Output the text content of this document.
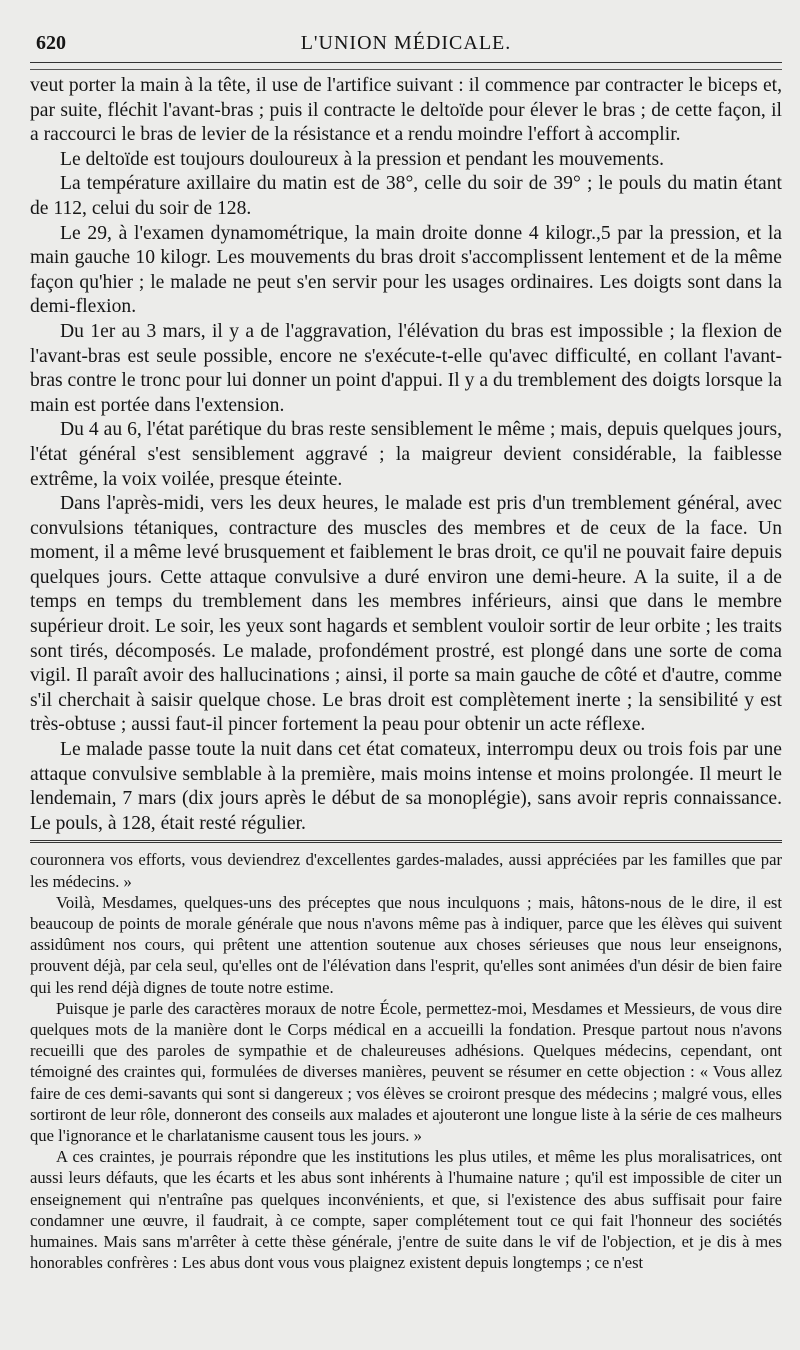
620	L'UNION MÉDICALE.

veut porter la main à la tête, il use de l'artifice suivant : il commence par contracter le biceps et, par suite, fléchit l'avant-bras ; puis il contracte le deltoïde pour élever le bras ; de cette façon, il a raccourci le bras de levier de la résistance et a rendu moindre l'effort à accomplir.

Le deltoïde est toujours douloureux à la pression et pendant les mouvements.

La température axillaire du matin est de 38°, celle du soir de 39° ; le pouls du matin étant de 112, celui du soir de 128.

Le 29, à l'examen dynamométrique, la main droite donne 4 kilogr.,5 par la pression, et la main gauche 10 kilogr. Les mouvements du bras droit s'accomplissent lentement et de la même façon qu'hier ; le malade ne peut s'en servir pour les usages ordinaires. Les doigts sont dans la demi-flexion.

Du 1er au 3 mars, il y a de l'aggravation, l'élévation du bras est impossible ; la flexion de l'avant-bras est seule possible, encore ne s'exécute-t-elle qu'avec difficulté, en collant l'avant-bras contre le tronc pour lui donner un point d'appui. Il y a du tremblement des doigts lorsque la main est portée dans l'extension.

Du 4 au 6, l'état parétique du bras reste sensiblement le même ; mais, depuis quelques jours, l'état général s'est sensiblement aggravé ; la maigreur devient considérable, la faiblesse extrême, la voix voilée, presque éteinte.

Dans l'après-midi, vers les deux heures, le malade est pris d'un tremblement général, avec convulsions tétaniques, contracture des muscles des membres et de ceux de la face. Un moment, il a même levé brusquement et faiblement le bras droit, ce qu'il ne pouvait faire depuis quelques jours. Cette attaque convulsive a duré environ une demi-heure. A la suite, il a de temps en temps du tremblement dans les membres inférieurs, ainsi que dans le membre supérieur droit. Le soir, les yeux sont hagards et semblent vouloir sortir de leur orbite ; les traits sont tirés, décomposés. Le malade, profondément prostré, est plongé dans une sorte de coma vigil. Il paraît avoir des hallucinations ; ainsi, il porte sa main gauche de côté et d'autre, comme s'il cherchait à saisir quelque chose. Le bras droit est complètement inerte ; la sensibilité y est très-obtuse ; aussi faut-il pincer fortement la peau pour obtenir un acte réflexe.

Le malade passe toute la nuit dans cet état comateux, interrompu deux ou trois fois par une attaque convulsive semblable à la première, mais moins intense et moins prolongée. Il meurt le lendemain, 7 mars (dix jours après le début de sa monoplégie), sans avoir repris connaissance. Le pouls, à 128, était resté régulier.

couronnera vos efforts, vous deviendrez d'excellentes gardes-malades, aussi appréciées par les familles que par les médecins. »

Voilà, Mesdames, quelques-uns des préceptes que nous inculquons ; mais, hâtons-nous de le dire, il est beaucoup de points de morale générale que nous n'avons même pas à indiquer, parce que les élèves qui suivent assidûment nos cours, qui prêtent une attention soutenue aux choses sérieuses que nous leur enseignons, prouvent déjà, par cela seul, qu'elles ont de l'élévation dans l'esprit, qu'elles sont animées d'un désir de bien faire qui les rend déjà dignes de toute notre estime.

Puisque je parle des caractères moraux de notre École, permettez-moi, Mesdames et Messieurs, de vous dire quelques mots de la manière dont le Corps médical en a accueilli la fondation. Presque partout nous n'avons recueilli que des paroles de sympathie et de chaleureuses adhésions. Quelques médecins, cependant, ont témoigné des craintes qui, formulées de diverses manières, peuvent se résumer en cette objection : « Vous allez faire de ces demi-savants qui sont si dangereux ; vos élèves se croiront presque des médecins ; malgré vous, elles sortiront de leur rôle, donneront des conseils aux malades et ajouteront une longue liste à la série de ces malheurs que l'ignorance et le charlatanisme causent tous les jours. »

A ces craintes, je pourrais répondre que les institutions les plus utiles, et même les plus moralisatrices, ont aussi leurs défauts, que les écarts et les abus sont inhérents à l'humaine nature ; qu'il est impossible de citer un enseignement qui n'entraîne pas quelques inconvénients, et que, si l'existence des abus suffisait pour faire condamner une œuvre, il faudrait, à ce compte, saper complétement tout ce qui fait l'honneur des sociétés humaines. Mais sans m'arrêter à cette thèse générale, j'entre de suite dans le vif de l'objection, et je dis à mes honorables confrères : Les abus dont vous vous plaignez existent depuis longtemps ; ce n'est
